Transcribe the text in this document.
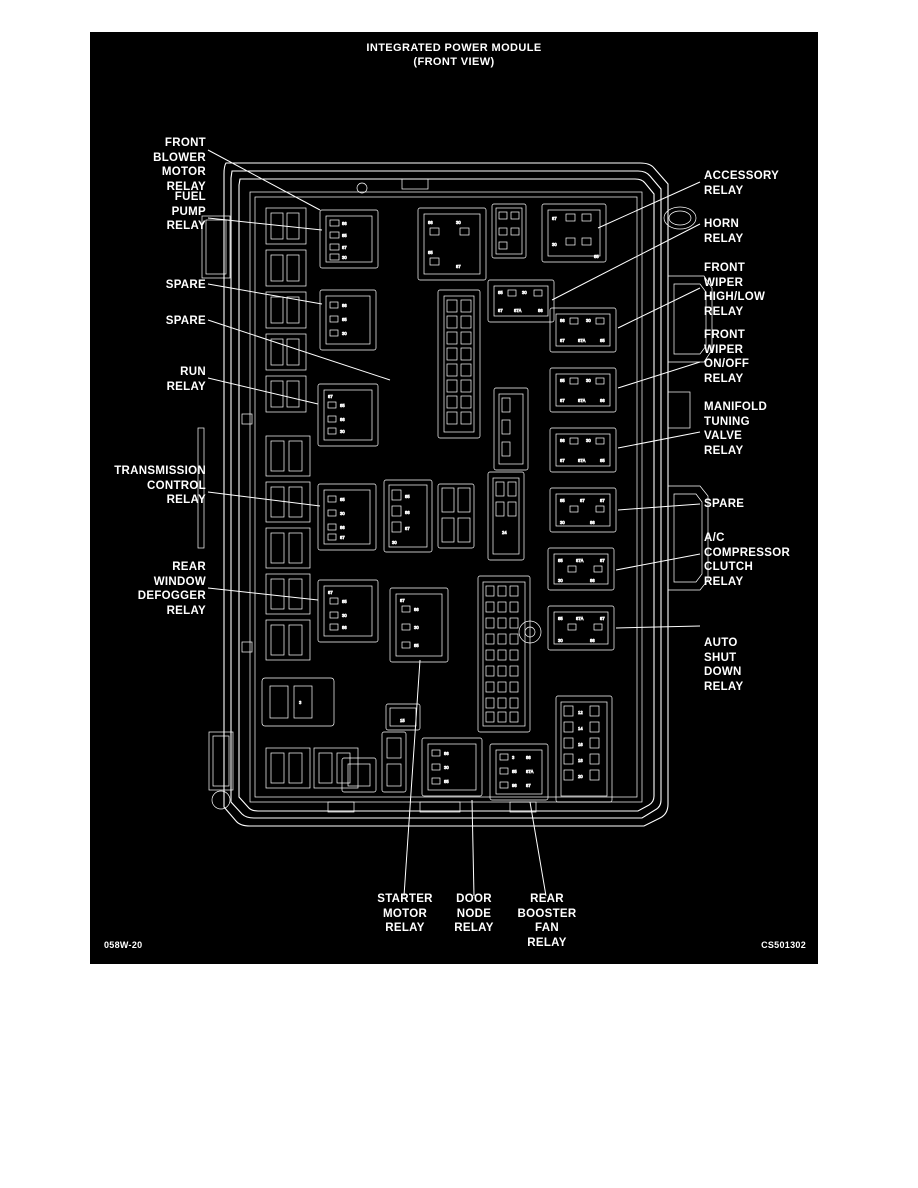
INTEGRATED POWER MODULE
(FRONT VIEW)
3
86
85
87
30
86
85
30
87
85
86
30
85
30
86
87
87
85
30
86
87
86
30
85
86
30
85
3
85
98
86
87A
87
86	30
85
87
87
30
85
85	30
87	87A	86
86	30
87	87A	85
85	30
87	87A	86
86	30
87	87A	85
85	87	87
30	86
85	87A	87
30	86
85	87A	87
30	86
85
86
87
30
24
12
14
16
18
20
15
FRONT
BLOWER
MOTOR
RELAY
FUEL
PUMP
RELAY
SPARE
SPARE
RUN
RELAY
TRANSMISSION
CONTROL
RELAY
REAR
WINDOW
DEFOGGER
RELAY
ACCESSORY
RELAY
HORN
RELAY
FRONT
WIPER
HIGH/LOW
RELAY
FRONT
WIPER
ON/OFF
RELAY
MANIFOLD
TUNING
VALVE
RELAY
SPARE
A/C
COMPRESSOR
CLUTCH
RELAY
AUTO
SHUT
DOWN
RELAY
STARTER
MOTOR
RELAY
DOOR
NODE
RELAY
REAR
BOOSTER
FAN
RELAY
058W-20	CS501302
